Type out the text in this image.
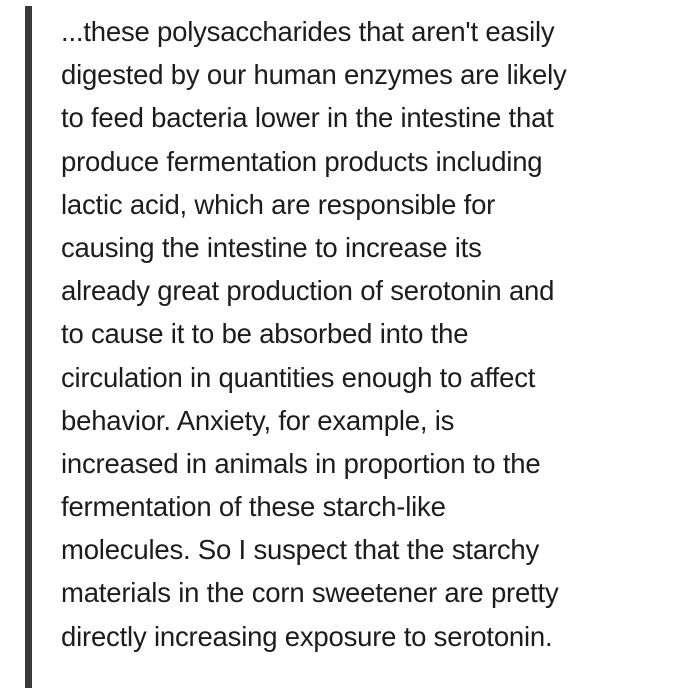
...these polysaccharides that aren't easily
digested by our human enzymes are likely
to feed bacteria lower in the intestine that
produce fermentation products including
lactic acid, which are responsible for
causing the intestine to increase its
already great production of serotonin and
to cause it to be absorbed into the
circulation in quantities enough to affect
behavior. Anxiety, for example, is
increased in animals in proportion to the
fermentation of these starch-like
molecules. So I suspect that the starchy
materials in the corn sweetener are pretty
directly increasing exposure to serotonin.
